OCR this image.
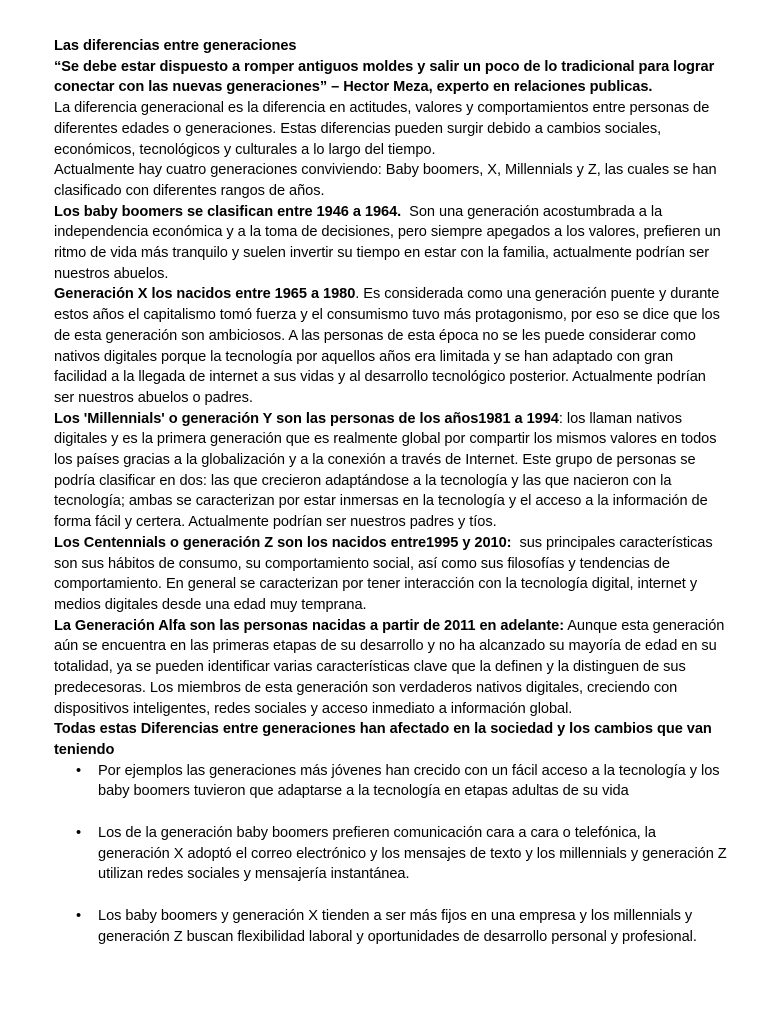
Las diferencias entre generaciones

“Se debe estar dispuesto a romper antiguos moldes y salir un poco de lo tradicional para lograr conectar con las nuevas generaciones” – Hector Meza, experto en relaciones publicas.

La diferencia generacional es la diferencia en actitudes, valores y comportamientos entre personas de diferentes edades o generaciones. Estas diferencias pueden surgir debido a cambios sociales, económicos, tecnológicos y culturales a lo largo del tiempo.

Actualmente hay cuatro generaciones conviviendo: Baby boomers, X, Millennials y Z, las cuales se han clasificado con diferentes rangos de años.

Los baby boomers se clasifican entre 1946 a 1964.  Son una generación acostumbrada a la independencia económica y a la toma de decisiones, pero siempre apegados a los valores, prefieren un ritmo de vida más tranquilo y suelen invertir su tiempo en estar con la familia, actualmente podrían ser nuestros abuelos.

Generación X los nacidos entre 1965 a 1980. Es considerada como una generación puente y durante estos años el capitalismo tomó fuerza y el consumismo tuvo más protagonismo, por eso se dice que los de esta generación son ambiciosos. A las personas de esta época no se les puede considerar como nativos digitales porque la tecnología por aquellos años era limitada y se han adaptado con gran facilidad a la llegada de internet a sus vidas y al desarrollo tecnológico posterior. Actualmente podrían ser nuestros abuelos o padres.

Los 'Millennials' o generación Y son las personas de los años1981 a 1994: los llaman nativos digitales y es la primera generación que es realmente global por compartir los mismos valores en todos los países gracias a la globalización y a la conexión a través de Internet. Este grupo de personas se podría clasificar en dos: las que crecieron adaptándose a la tecnología y las que nacieron con la tecnología; ambas se caracterizan por estar inmersas en la tecnología y el acceso a la información de forma fácil y certera. Actualmente podrían ser nuestros padres y tíos.

Los Centennials o generación Z son los nacidos entre1995 y 2010:  sus principales características son sus hábitos de consumo, su comportamiento social, así como sus filosofías y tendencias de comportamiento. En general se caracterizan por tener interacción con la tecnología digital, internet y medios digitales desde una edad muy temprana.

La Generación Alfa son las personas nacidas a partir de 2011 en adelante: Aunque esta generación aún se encuentra en las primeras etapas de su desarrollo y no ha alcanzado su mayoría de edad en su totalidad, ya se pueden identificar varias características clave que la definen y la distinguen de sus predecesoras. Los miembros de esta generación son verdaderos nativos digitales, creciendo con dispositivos inteligentes, redes sociales y acceso inmediato a información global.

Todas estas Diferencias entre generaciones han afectado en la sociedad y los cambios que van teniendo

• Por ejemplos las generaciones más jóvenes han crecido con un fácil acceso a la tecnología y los baby boomers tuvieron que adaptarse a la tecnología en etapas adultas de su vida
• Los de la generación baby boomers prefieren comunicación cara a cara o telefónica, la generación X adoptó el correo electrónico y los mensajes de texto y los millennials y generación Z utilizan redes sociales y mensajería instantánea.
• Los baby boomers y generación X tienden a ser más fijos en una empresa y los millennials y generación Z buscan flexibilidad laboral y oportunidades de desarrollo personal y profesional.
